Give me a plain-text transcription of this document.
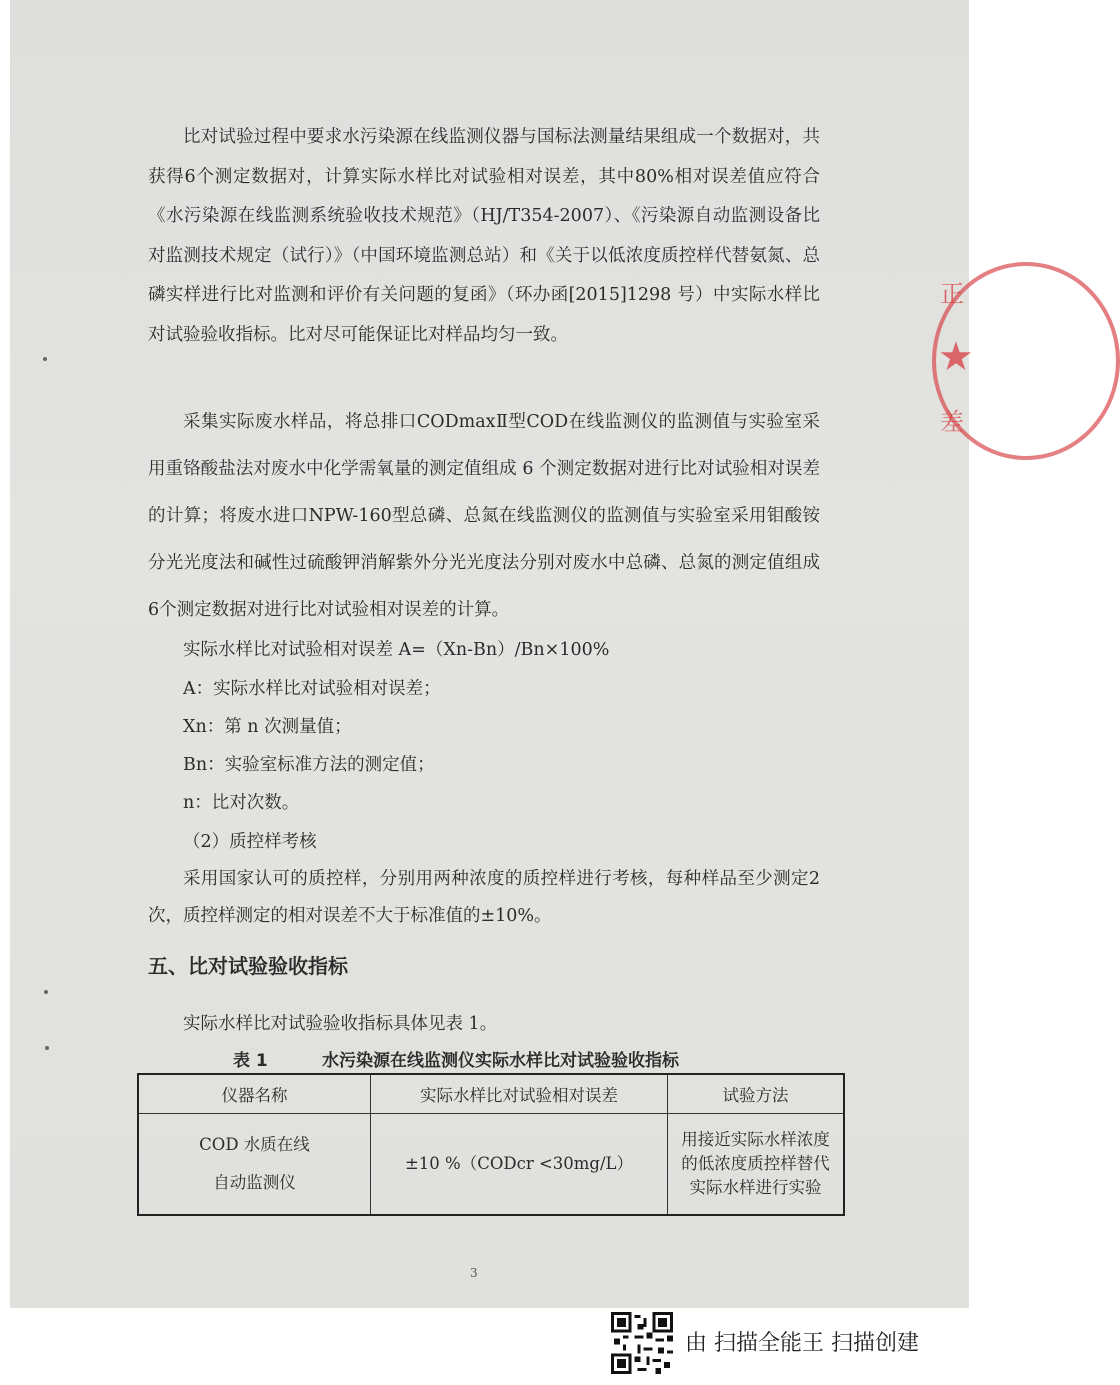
比对试验过程中要求水污染源在线监测仪器与国标法测量结果组成一个数据对，共获得6个测定数据对，计算实际水样比对试验相对误差，其中80%相对误差值应符合《水污染源在线监测系统验收技术规范》（HJ/T354-2007）、《污染源自动监测设备比对监测技术规定（试行）》（中国环境监测总站）和《关于以低浓度质控样代替氨氮、总磷实样进行比对监测和评价有关问题的复函》（环办函[2015]1298 号）中实际水样比对试验验收指标。比对尽可能保证比对样品均匀一致。

采集实际废水样品，将总排口CODmaxⅡ型COD在线监测仪的监测值与实验室采用重铬酸盐法对废水中化学需氧量的测定值组成 6 个测定数据对进行比对试验相对误差的计算；将废水进口NPW-160型总磷、总氮在线监测仪的监测值与实验室采用钼酸铵分光光度法和碱性过硫酸钾消解紫外分光光度法分别对废水中总磷、总氮的测定值组成6个测定数据对进行比对试验相对误差的计算。

实际水样比对试验相对误差 A=（Xn-Bn）/Bn×100%

A：实际水样比对试验相对误差；

Xn：第 n 次测量值；

Bn：实验室标准方法的测定值；

n：比对次数。

（2）质控样考核

采用国家认可的质控样，分别用两种浓度的质控样进行考核，每种样品至少测定2次，质控样测定的相对误差不大于标准值的±10%。

五、比对试验验收指标

实际水样比对试验验收指标具体见表 1。

表 1	水污染源在线监测仪实际水样比对试验验收指标

仪器名称	实际水样比对试验相对误差	试验方法

COD 水质在线
自动监测仪	±10 %（CODcr <30mg/L）	用接近实际水样浓度的低浓度质控样替代实际水样进行实验

3

正
★
差

由 扫描全能王 扫描创建
